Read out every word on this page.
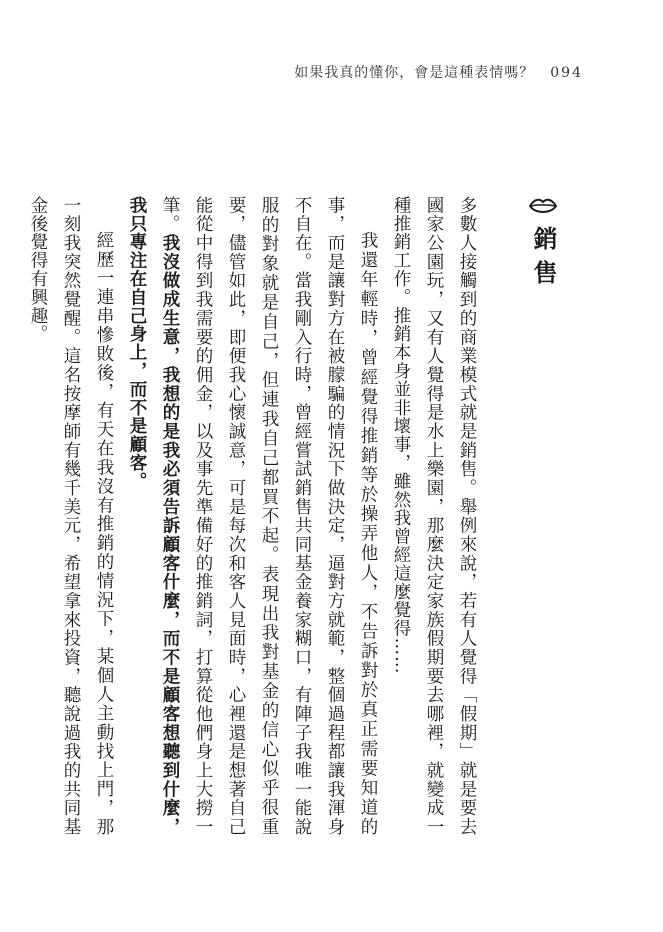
如果我真的懂你，會是這種表情嗎？ 094
銷售

多數人接觸到的商業模式就是銷售。舉例來說，若有人覺得「假期」就是要去國家公園玩，又有人覺得是水上樂園，那麼決定家族假期要去哪裡，就變成一種推銷工作。推銷本身並非壞事，雖然我曾經這麼覺得……

我還年輕時，曾經覺得推銷等於操弄他人，不告訴對於真正需要知道的事，而是讓對方在被朦騙的情況下做決定，逼對方就範，整個過程都讓我渾身不自在。當我剛入行時，曾經嘗試銷售共同基金養家糊口，有陣子我唯一能說服的對象就是自己，但連我自己都買不起。表現出我對基金的信心似乎很重要，儘管如此，即便我心懷誠意，可是每次和客人見面時，心裡還是想著自己能從中得到我需要的佣金，以及事先準備好的推銷詞，打算從他們身上大撈一筆。我沒做成生意，我想的是我必須告訴顧客什麼，而不是顧客想聽到什麼，我只專注在自己身上，而不是顧客。

經歷一連串慘敗後，有天在我沒有推銷的情況下，某個人主動找上門，那一刻我突然覺醒。這名按摩師有幾千美元，希望拿來投資，聽說過我的共同基金後覺得有興趣。
